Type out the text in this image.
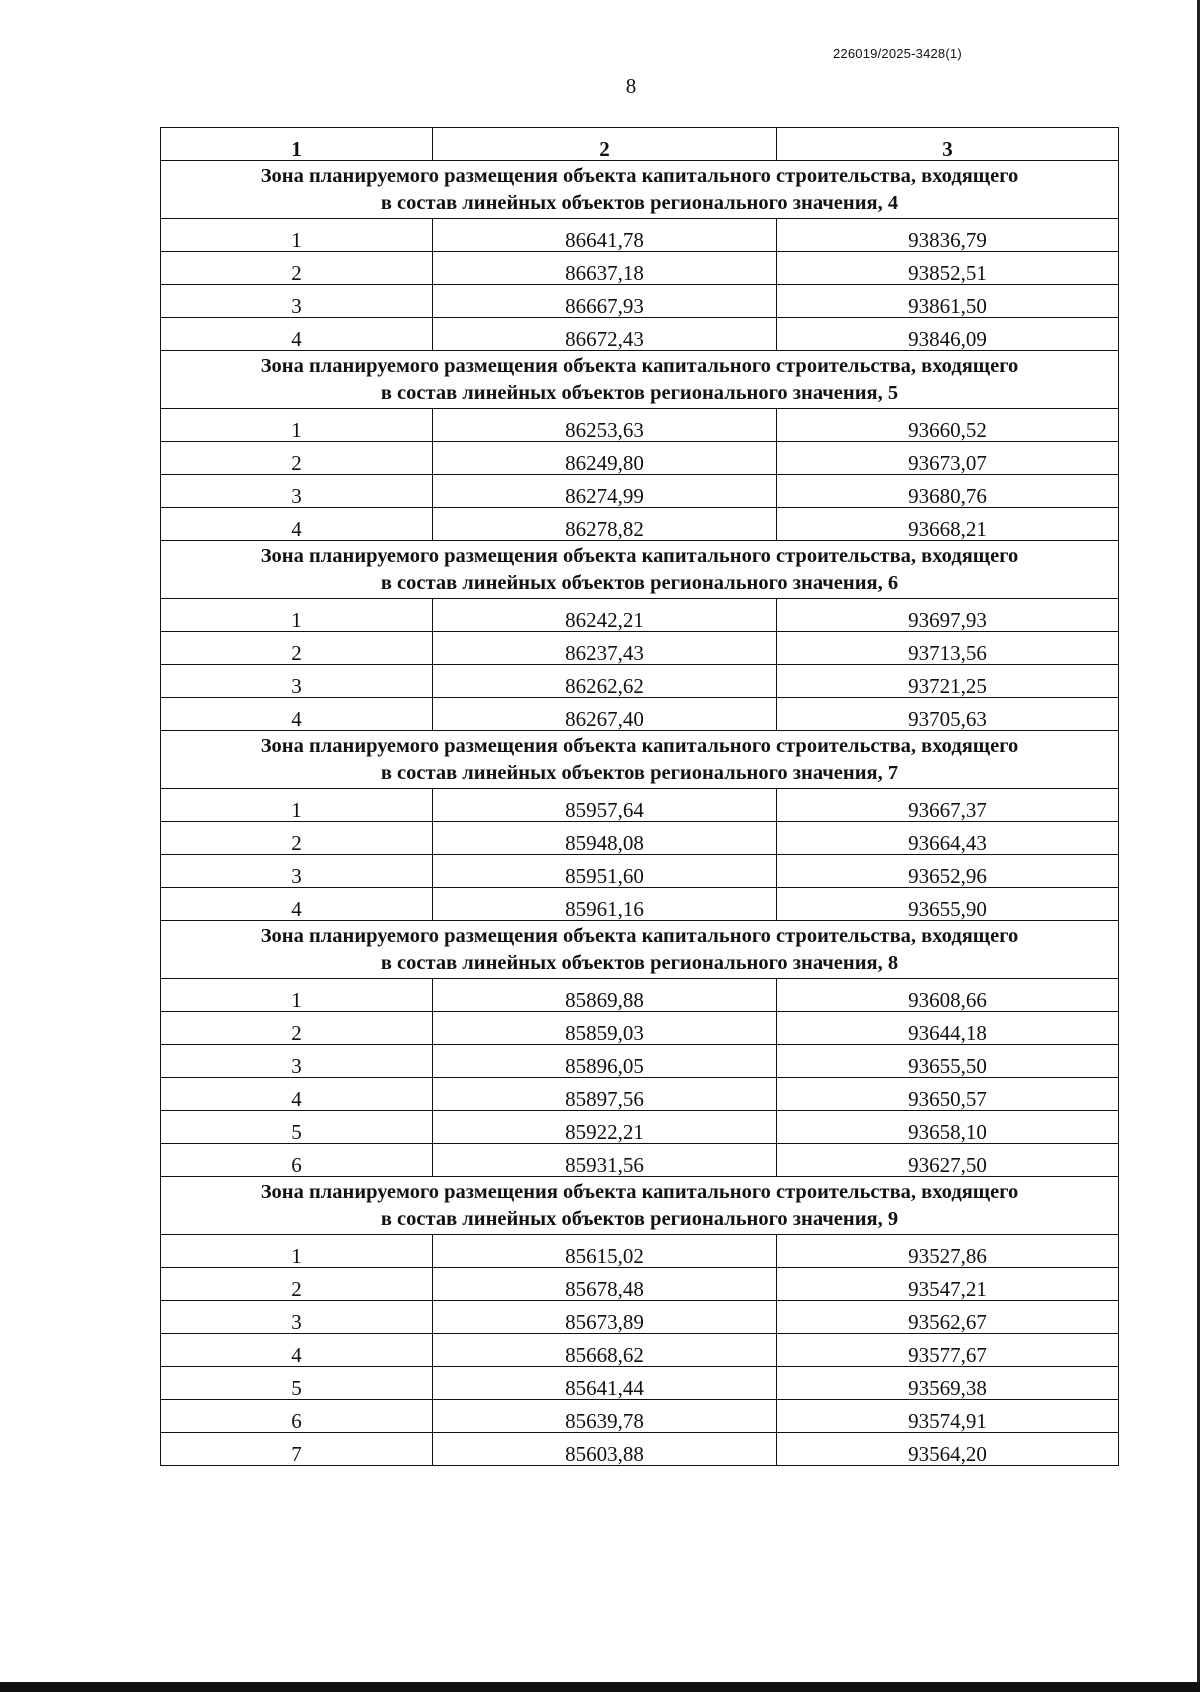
226019/2025-3428(1)
8
1	2	3

Зона планируемого размещения объекта капитального строительства, входящего
в состав линейных объектов регионального значения, 4		

1	86641,78	93836,79
2	86637,18	93852,51
3	86667,93	93861,50
4	86672,43	93846,09

Зона планируемого размещения объекта капитального строительства, входящего
в состав линейных объектов регионального значения, 5		

1	86253,63	93660,52
2	86249,80	93673,07
3	86274,99	93680,76
4	86278,82	93668,21

Зона планируемого размещения объекта капитального строительства, входящего
в состав линейных объектов регионального значения, 6		

1	86242,21	93697,93
2	86237,43	93713,56
3	86262,62	93721,25
4	86267,40	93705,63

Зона планируемого размещения объекта капитального строительства, входящего
в состав линейных объектов регионального значения, 7		

1	85957,64	93667,37
2	85948,08	93664,43
3	85951,60	93652,96
4	85961,16	93655,90

Зона планируемого размещения объекта капитального строительства, входящего
в состав линейных объектов регионального значения, 8		

1	85869,88	93608,66
2	85859,03	93644,18
3	85896,05	93655,50
4	85897,56	93650,57
5	85922,21	93658,10
6	85931,56	93627,50

Зона планируемого размещения объекта капитального строительства, входящего
в состав линейных объектов регионального значения, 9		

1	85615,02	93527,86
2	85678,48	93547,21
3	85673,89	93562,67
4	85668,62	93577,67
5	85641,44	93569,38
6	85639,78	93574,91
7	85603,88	93564,20
